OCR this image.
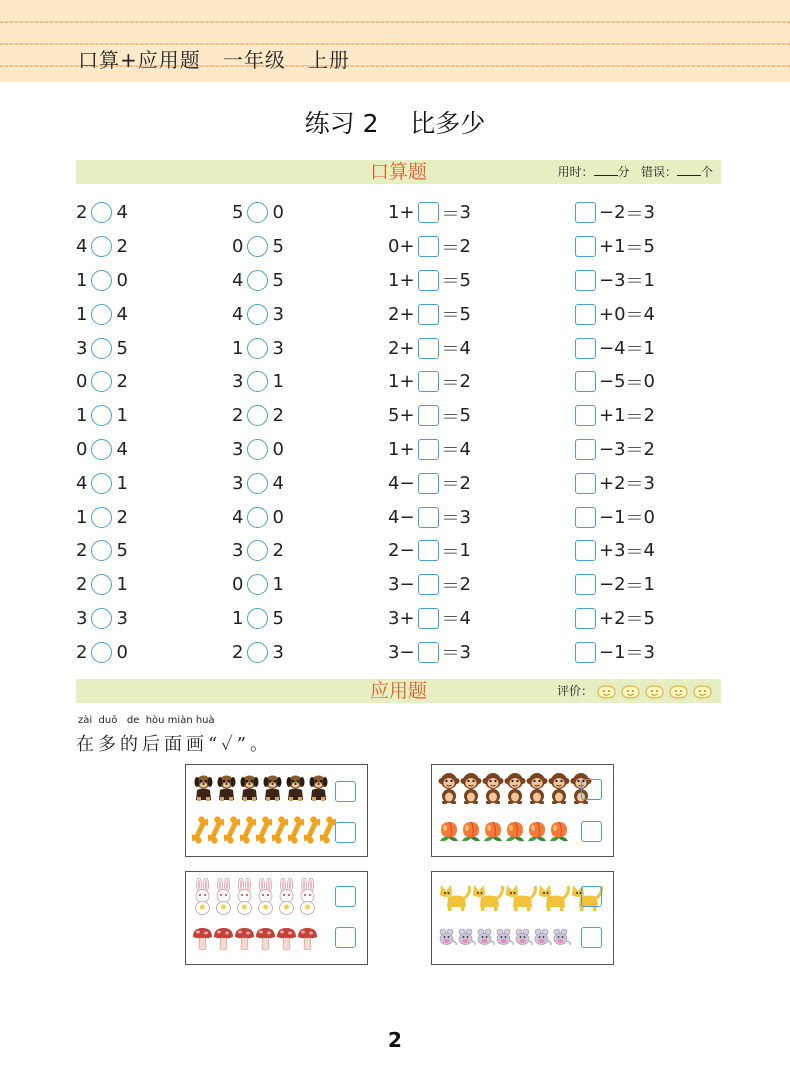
口算+应用题   一年级   上册
练习 2    比多少
口算题	用时： 分 错误： 个
2 4
4 2
1 0
1 4
3 5
0 2
1 1
0 4
4 1
1 2
2 5
2 1
3 3
2 0
5 0
0 5
4 5
4 3
1 3
3 1
2 2
3 0
3 4
4 0
3 2
0 1
1 5
2 3
1 + ＝ 3
0 + ＝ 2
1 + ＝ 5
2 + ＝ 5
2 + ＝ 4
1 + ＝ 2
5 + ＝ 5
1 + ＝ 4
4 − ＝ 2
4 − ＝ 3
2 − ＝ 1
3 − ＝ 2
3 + ＝ 4
3 − ＝ 3
− 2 ＝ 3
+ 1 ＝ 5
− 3 ＝ 1
+ 0 ＝ 4
− 4 ＝ 1
− 5 ＝ 0
+ 1 ＝ 2
− 3 ＝ 2
+ 2 ＝ 3
− 1 ＝ 0
+ 3 ＝ 4
− 2 ＝ 1
+ 2 ＝ 5
− 1 ＝ 3
应用题	评价：
zài  duō   de  hòu miàn huà
在多的后面画“✓”。
2
